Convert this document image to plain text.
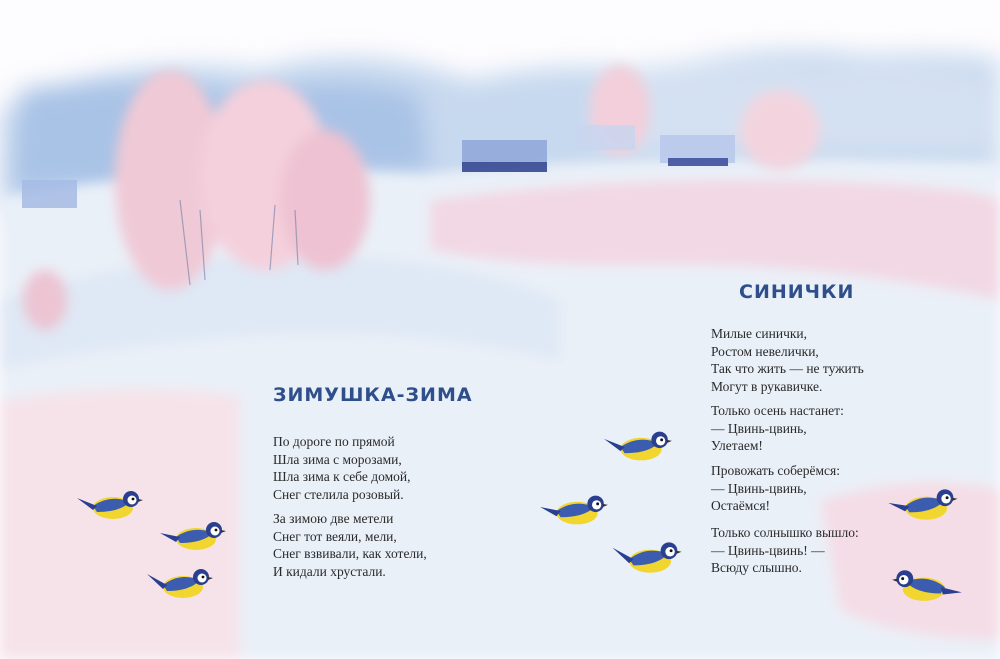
ЗИМУШКА-ЗИМА

По дороге по прямой
Шла зима с морозами,
Шла зима к себе домой,
Снег стелила розовый.

За зимою две метели
Снег тот веяли, мели,
Снег взвивали, как хотели,
И кидали хрустали.

СИНИЧКИ

Милые синички,
Ростом невелички,
Так что жить — не тужить
Могут в рукавичке.

Только осень настанет:
— Цвинь-цвинь,
Улетаем!

Провожать соберёмся:
— Цвинь-цвинь,
Остаёмся!

Только солнышко вышло:
— Цвинь-цвинь! —
Всюду слышно.
